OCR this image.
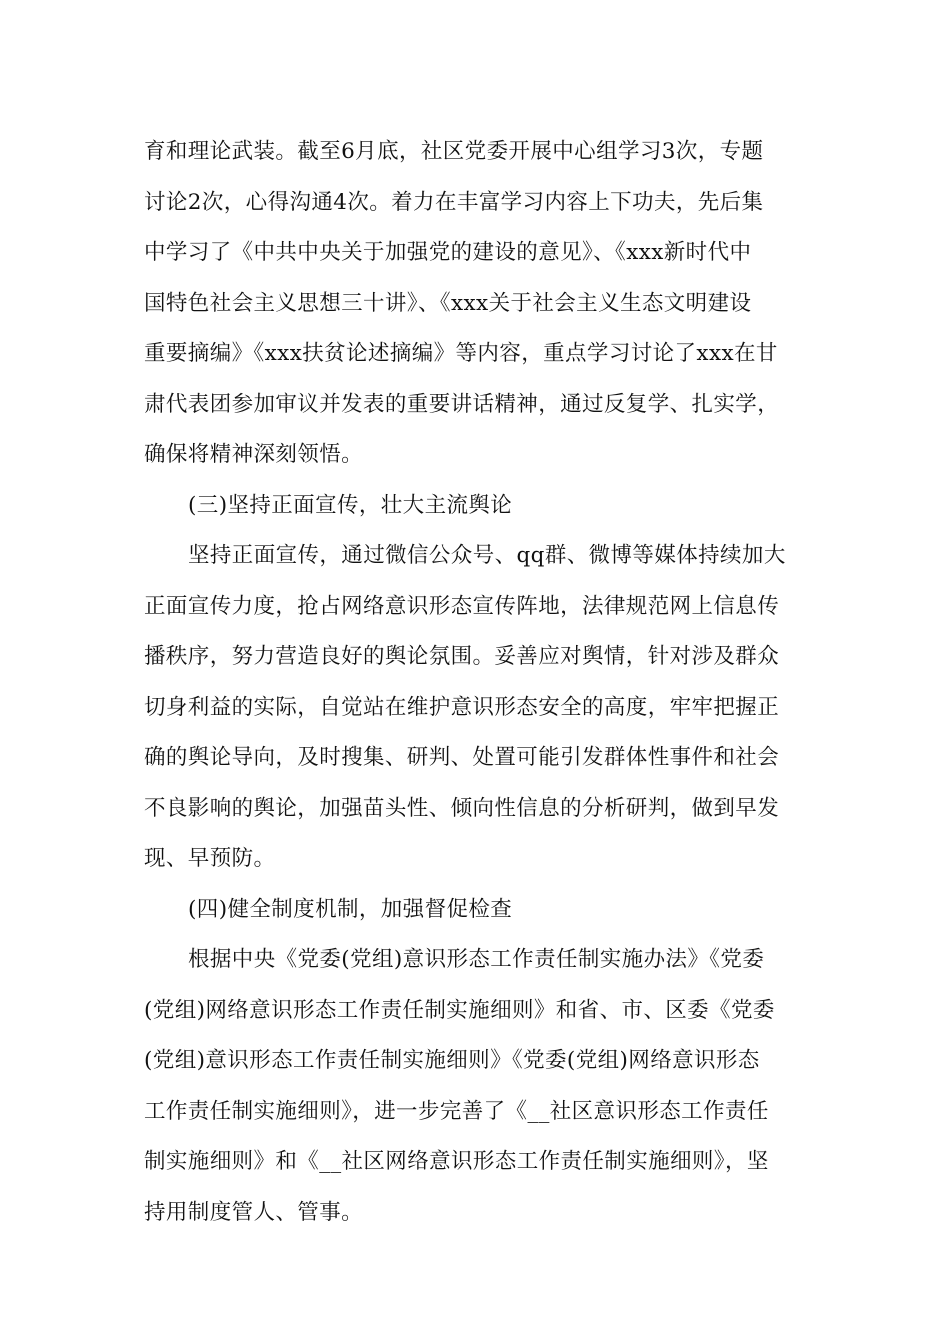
育和理论武装。截至6月底，社区党委开展中心组学习3次，专题
讨论2次，心得沟通4次。着力在丰富学习内容上下功夫，先后集
中学习了《中共中央关于加强党的建设的意见》、《xxx新时代中
国特色社会主义思想三十讲》、《xxx关于社会主义生态文明建设
重要摘编》《xxx扶贫论述摘编》等内容，重点学习讨论了xxx在甘
肃代表团参加审议并发表的重要讲话精神，通过反复学、扎实学，
确保将精神深刻领悟。
(三)坚持正面宣传，壮大主流舆论
坚持正面宣传，通过微信公众号、qq群、微博等媒体持续加大
正面宣传力度，抢占网络意识形态宣传阵地，法律规范网上信息传
播秩序，努力营造良好的舆论氛围。妥善应对舆情，针对涉及群众
切身利益的实际，自觉站在维护意识形态安全的高度，牢牢把握正
确的舆论导向，及时搜集、研判、处置可能引发群体性事件和社会
不良影响的舆论，加强苗头性、倾向性信息的分析研判，做到早发
现、早预防。
(四)健全制度机制，加强督促检查
根据中央《党委(党组)意识形态工作责任制实施办法》《党委
(党组)网络意识形态工作责任制实施细则》和省、市、区委《党委
(党组)意识形态工作责任制实施细则》《党委(党组)网络意识形态
工作责任制实施细则》，进一步完善了《__社区意识形态工作责任
制实施细则》和《__社区网络意识形态工作责任制实施细则》，坚
持用制度管人、管事。
